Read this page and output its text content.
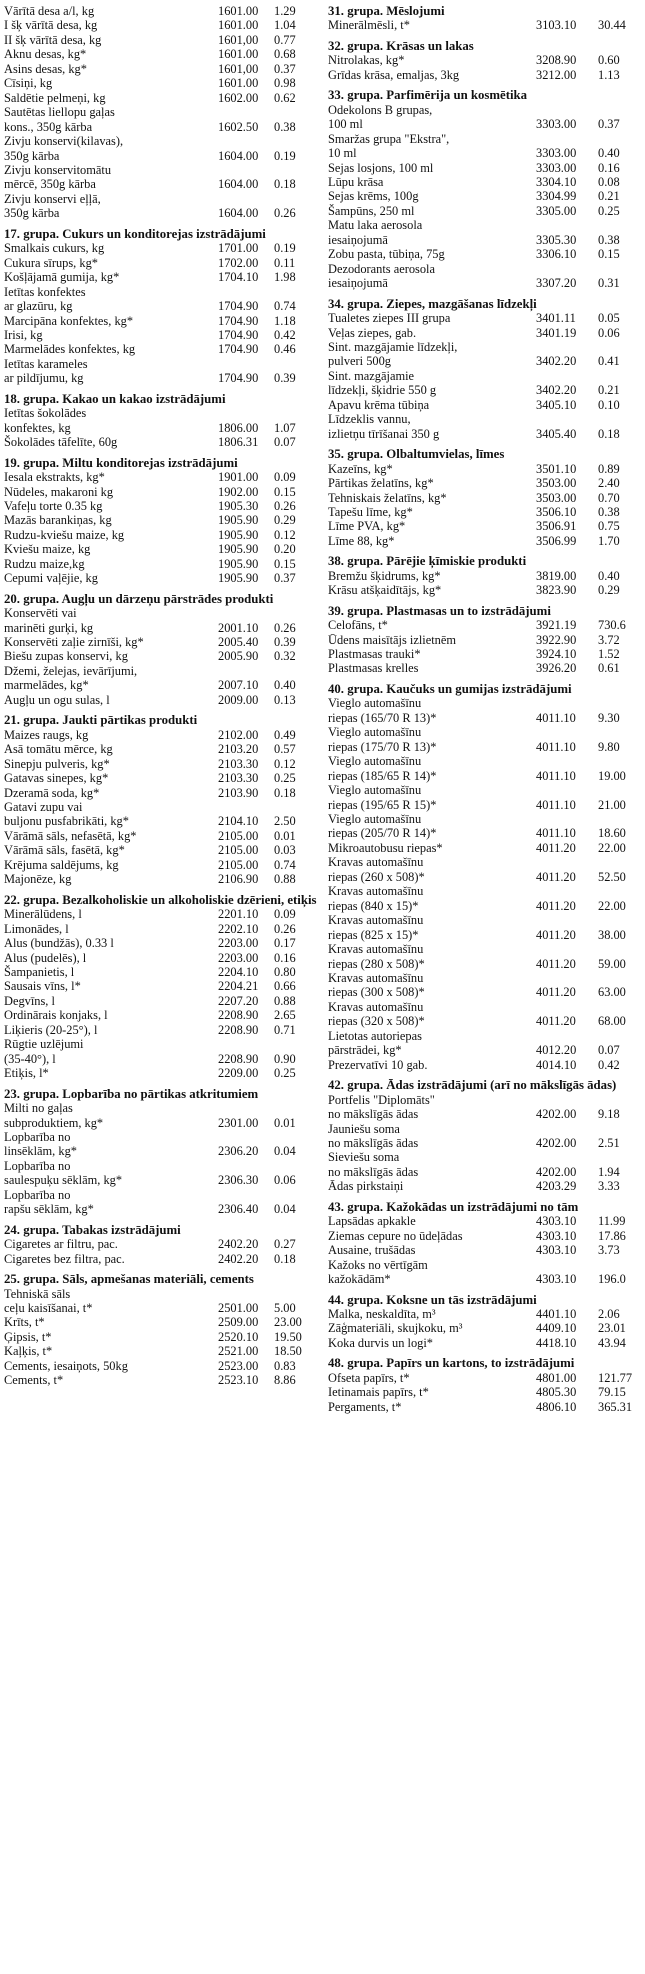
Vārītā desa a/l, kg	1601.00	1.29
I šķ vārītā desa, kg	1601.00	1.04
II šķ vārītā desa, kg	1601,00	0.77
Aknu desas, kg*	1601.00	0.68
Asins desas, kg*	1601,00	0.37
Cīsiņi, kg	1601.00	0.98
Saldētie pelmeņi, kg	1602.00	0.62
Sautētas liellopu gaļas
kons., 350g kārba	1602.50	0.38
Zivju konservi(kilavas),
350g kārba	1604.00	0.19
Zivju konservitomātu
mērcē, 350g kārba	1604.00	0.18
Zivju konservi eļļā,
350g kārba	1604.00	0.26
17. grupa. Cukurs un konditorejas izstrādājumi
Smalkais cukurs, kg	1701.00	0.19
Cukura sīrups, kg*	1702.00	0.11
Košļājamā gumija, kg*	1704.10	1.98
Ietītas konfektes
ar glazūru, kg	1704.90	0.74
Marcipāna konfektes, kg*	1704.90	1.18
Irisi, kg	1704.90	0.42
Marmelādes konfektes, kg	1704.90	0.46
Ietītas karameles
ar pildījumu, kg	1704.90	0.39
18. grupa. Kakao un kakao izstrādājumi
Ietītas šokolādes
konfektes, kg	1806.00	1.07
Šokolādes tāfelīte, 60g	1806.31	0.07
19. grupa. Miltu konditorejas izstrādājumi
Iesala ekstrakts, kg*	1901.00	0.09
Nūdeles, makaroni kg	1902.00	0.15
Vafeļu torte 0.35 kg	1905.30	0.26
Mazās barankiņas, kg	1905.90	0.29
Rudzu-kviešu maize, kg	1905.90	0.12
Kviešu maize, kg	1905.90	0.20
Rudzu maize,kg	1905.90	0.15
Cepumi vaļējie, kg	1905.90	0.37
20. grupa. Augļu un dārzeņu pārstrādes produkti
Konservēti vai
marinēti gurķi, kg	2001.10	0.26
Konservēti zaļie zirnīši, kg*	2005.40	0.39
Biešu zupas konservi, kg	2005.90	0.32
Džemi, želejas, ievārījumi,
marmelādes, kg*	2007.10	0.40
Augļu un ogu sulas, l	2009.00	0.13
21. grupa. Jaukti pārtikas produkti
Maizes raugs, kg	2102.00	0.49
Asā tomātu mērce, kg	2103.20	0.57
Sinepju pulveris, kg*	2103.30	0.12
Gatavas sinepes, kg*	2103.30	0.25
Dzeramā soda, kg*	2103.90	0.18
Gatavi zupu vai
buljonu pusfabrikāti, kg*	2104.10	2.50
Vārāmā sāls, nefasētā, kg*	2105.00	0.01
Vārāmā sāls, fasētā, kg*	2105.00	0.03
Krējuma saldējums, kg	2105.00	0.74
Majonēze, kg	2106.90	0.88
22. grupa. Bezalkoholiskie un alkoholiskie dzērieni, etiķis
Minerālūdens, l	2201.10	0.09
Limonādes, l	2202.10	0.26
Alus (bundžās), 0.33 l	2203.00	0.17
Alus (pudelēs), l	2203.00	0.16
Šampanietis, l	2204.10	0.80
Sausais vīns, l*	2204.21	0.66
Degvīns, l	2207.20	0.88
Ordinārais konjaks, l	2208.90	2.65
Liķieris (20-25°), l	2208.90	0.71
Rūgtie uzlējumi
(35-40°), l	2208.90	0.90
Etiķis, l*	2209.00	0.25
23. grupa. Lopbarība no pārtikas atkritumiem
Milti no gaļas
subproduktiem, kg*	2301.00	0.01
Lopbarība no
linsēklām, kg*	2306.20	0.04
Lopbarība no
saulespuķu sēklām, kg*	2306.30	0.06
Lopbarība no
rapšu sēklām, kg*	2306.40	0.04
24. grupa. Tabakas izstrādājumi
Cigaretes ar filtru, pac.	2402.20	0.27
Cigaretes bez filtra, pac.	2402.20	0.18
25. grupa. Sāls, apmešanas materiāli, cements
Tehniskā sāls
ceļu kaisīšanai, t*	2501.00	5.00
Krīts, t*	2509.00	23.00
Ģipsis, t*	2520.10	19.50
Kaļķis, t*	2521.00	18.50
Cements, iesaiņots, 50kg	2523.00	0.83
Cements, t*	2523.10	8.86
31. grupa. Mēslojumi
Minerālmēsli, t*	3103.10	30.44
32. grupa. Krāsas un lakas
Nitrolakas, kg*	3208.90	0.60
Grīdas krāsa, emaljas, 3kg	3212.00	1.13
33. grupa. Parfimērija un kosmētika
Odekolons B grupas,
100 ml	3303.00	0.37
Smaržas grupa "Ekstra",
10 ml	3303.00	0.40
Sejas losjons, 100 ml	3303.00	0.16
Lūpu krāsa	3304.10	0.08
Sejas krēms, 100g	3304.99	0.21
Šampūns, 250 ml	3305.00	0.25
Matu laka aerosola
iesaiņojumā	3305.30	0.38
Zobu pasta, tūbiņa, 75g	3306.10	0.15
Dezodorants aerosola
iesaiņojumā	3307.20	0.31
34. grupa. Ziepes, mazgāšanas līdzekļi
Tualetes ziepes III grupa	3401.11	0.05
Veļas ziepes, gab.	3401.19	0.06
Sint. mazgājamie līdzekļi,
pulveri 500g	3402.20	0.41
Sint. mazgājamie
līdzekļi, šķidrie 550 g	3402.20	0.21
Apavu krēma tūbiņa	3405.10	0.10
Līdzeklis vannu,
izlietņu tīrīšanai 350 g	3405.40	0.18
35. grupa. Olbaltumvielas, līmes
Kazeīns, kg*	3501.10	0.89
Pārtikas želatīns, kg*	3503.00	2.40
Tehniskais želatīns, kg*	3503.00	0.70
Tapešu līme, kg*	3506.10	0.38
Līme PVA, kg*	3506.91	0.75
Līme 88, kg*	3506.99	1.70
38. grupa. Pārējie ķīmiskie produkti
Bremžu šķidrums, kg*	3819.00	0.40
Krāsu atšķaidītājs, kg*	3823.90	0.29
39. grupa. Plastmasas un to izstrādājumi
Celofāns, t*	3921.19	730.6
Ūdens maisītājs izlietnēm	3922.90	3.72
Plastmasas trauki*	3924.10	1.52
Plastmasas krelles	3926.20	0.61
40. grupa. Kaučuks un gumijas izstrādājumi
Vieglo automašīnu
riepas (165/70 R 13)*	4011.10	9.30
Vieglo automašīnu
riepas (175/70 R 13)*	4011.10	9.80
Vieglo automašīnu
riepas (185/65 R 14)*	4011.10	19.00
Vieglo automašīnu
riepas (195/65 R 15)*	4011.10	21.00
Vieglo automašīnu
riepas (205/70 R 14)*	4011.10	18.60
Mikroautobusu riepas*	4011.20	22.00
Kravas automašīnu
riepas (260 x 508)*	4011.20	52.50
Kravas automašīnu
riepas (840 x 15)*	4011.20	22.00
Kravas automašīnu
riepas (825 x 15)*	4011.20	38.00
Kravas automašīnu
riepas (280 x 508)*	4011.20	59.00
Kravas automašīnu
riepas (300 x 508)*	4011.20	63.00
Kravas automašīnu
riepas (320 x 508)*	4011.20	68.00
Lietotas autoriepas
pārstrādei, kg*	4012.20	0.07
Prezervatīvi 10 gab.	4014.10	0.42
42. grupa. Ādas izstrādājumi (arī no mākslīgās ādas)
Portfelis "Diplomāts"
no mākslīgās ādas	4202.00	9.18
Jauniešu soma
no mākslīgās ādas	4202.00	2.51
Sieviešu soma
no mākslīgās ādas	4202.00	1.94
Ādas pirkstaiņi	4203.29	3.33
43. grupa. Kažokādas un izstrādājumi no tām
Lapsādas apkakle	4303.10	11.99
Ziemas cepure no ūdeļādas	4303.10	17.86
Ausaine, trušādas	4303.10	3.73
Kažoks no vērtīgām
kažokādām*	4303.10	196.0
44. grupa. Koksne un tās izstrādājumi
Malka, neskaldīta, m³	4401.10	2.06
Zāģmateriāli, skujkoku, m³	4409.10	23.01
Koka durvis un logi*	4418.10	43.94
48. grupa. Papīrs un kartons, to izstrādājumi
Ofseta papīrs, t*	4801.00	121.77
Ietinamais papīrs, t*	4805.30	79.15
Pergaments, t*	4806.10	365.31
